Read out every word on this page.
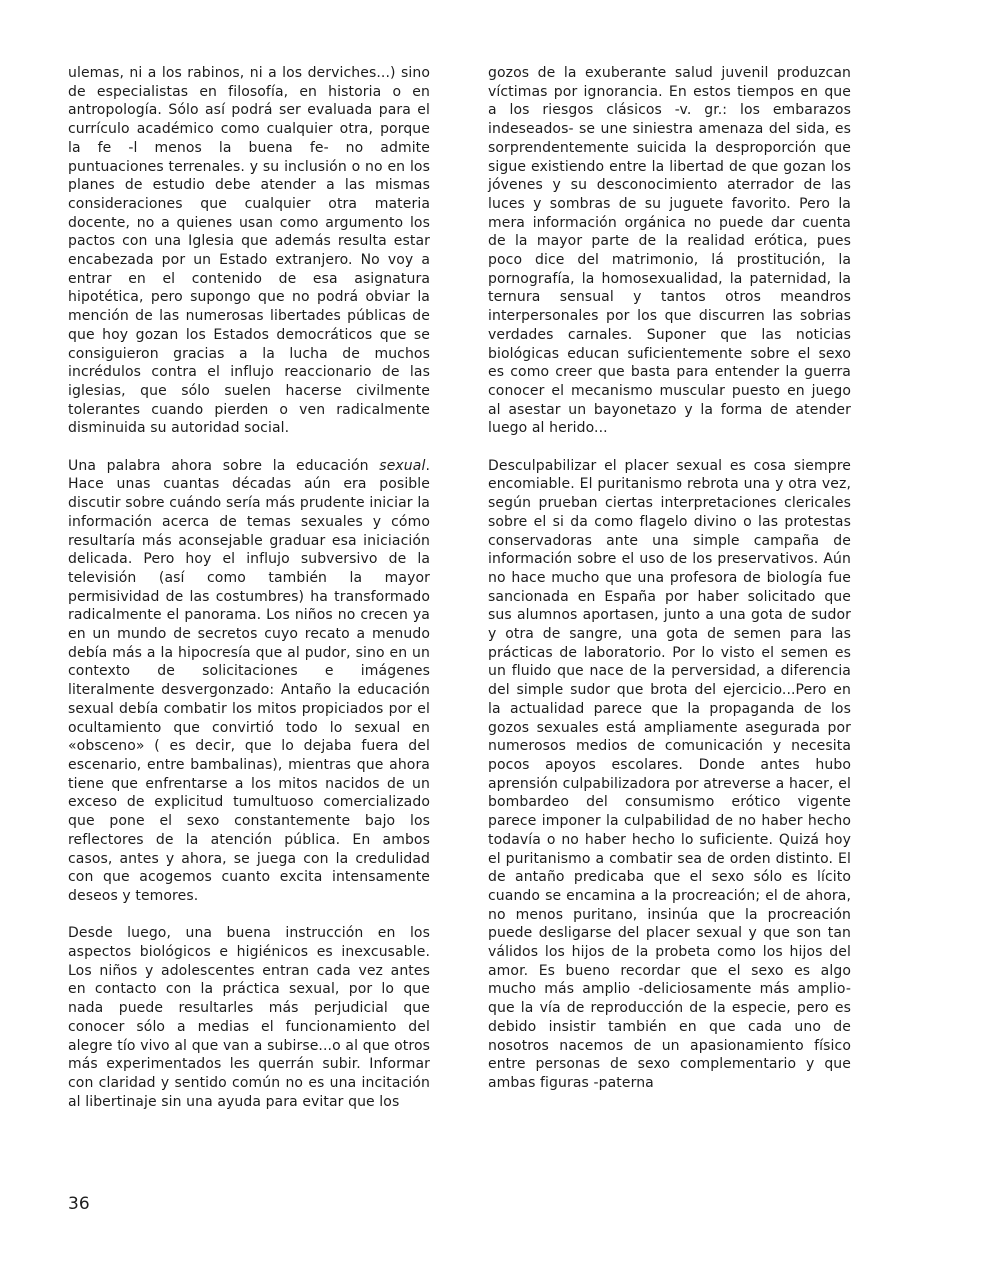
ulemas, ni a los rabinos, ni a los derviches...) sino de especialistas en filosofía, en historia o en antropología. Sólo así podrá ser evaluada para el currículo académico como cualquier otra, porque la fe -l menos la buena fe- no admite puntuaciones terrenales. y su inclusión o no en los planes de estudio debe atender a las mismas consideraciones que cualquier otra materia docente, no a quienes usan como argumento los pactos con una Iglesia que además resulta estar encabezada por un Estado extranjero. No voy a entrar en el contenido de esa asignatura hipotética, pero supongo que no podrá obviar la mención de las numerosas libertades públicas de que hoy gozan los Estados democráticos que se consiguieron gracias a la lucha de muchos incrédulos contra el influjo reaccionario de las iglesias, que sólo suelen hacerse civilmente tolerantes cuando pierden o ven radicalmente disminuida su autoridad social.

Una palabra ahora sobre la educación sexual. Hace unas cuantas décadas aún era posible discutir sobre cuándo sería más prudente iniciar la información acerca de temas sexuales y cómo resultaría más aconsejable graduar esa iniciación delicada. Pero hoy el influjo subversivo de la televisión (así como también la mayor permisividad de las costumbres) ha transformado radicalmente el panorama. Los niños no crecen ya en un mundo de secretos cuyo recato a menudo debía más a la hipocresía que al pudor, sino en un contexto de solicitaciones e imágenes literalmente desvergonzado: Antaño la educación sexual debía combatir los mitos propiciados por el ocultamiento que convirtió todo lo sexual en «obsceno» ( es decir, que lo dejaba fuera del escenario, entre bambalinas), mientras que ahora tiene que enfrentarse a los mitos nacidos de un exceso de explicitud tumultuoso comercializado que pone el sexo constantemente bajo los reflectores de la atención pública. En ambos casos, antes y ahora, se juega con la credulidad con que acogemos cuanto excita intensamente deseos y temores.

Desde luego, una buena instrucción en los aspectos biológicos e higiénicos es inexcusable. Los niños y adolescentes entran cada vez antes en contacto con la práctica sexual, por lo que nada puede resultarles más perjudicial que conocer sólo a medias el funcionamiento del alegre tío vivo al que van a subirse...o al que otros más experimentados les querrán subir. Informar con claridad y sentido común no es una incitación al libertinaje sin una ayuda para evitar que los

gozos de la exuberante salud juvenil produzcan víctimas por ignorancia. En estos tiempos en que a los riesgos clásicos -v. gr.: los embarazos indeseados- se une siniestra amenaza del sida, es sorprendentemente suicida la desproporción que sigue existiendo entre la libertad de que gozan los jóvenes y su desconocimiento aterrador de las luces y sombras de su juguete favorito. Pero la mera información orgánica no puede dar cuenta de la mayor parte de la realidad erótica, pues poco dice del matrimonio, lá prostitución, la pornografía, la homosexualidad, la paternidad, la ternura sensual y tantos otros meandros interpersonales por los que discurren las sobrias verdades carnales. Suponer que las noticias biológicas educan suficientemente sobre el sexo es como creer que basta para entender la guerra conocer el mecanismo muscular puesto en juego al asestar un bayonetazo y la forma de atender luego al herido...

Desculpabilizar el placer sexual es cosa siempre encomiable. El puritanismo rebrota una y otra vez, según prueban ciertas interpretaciones clericales sobre el si da como flagelo divino o las protestas conservadoras ante una simple campaña de información sobre el uso de los preservativos. Aún no hace mucho que una profesora de biología fue sancionada en España por haber solicitado que sus alumnos aportasen, junto a una gota de sudor y otra de sangre, una gota de semen para las prácticas de laboratorio. Por lo visto el semen es un fluido que nace de la perversidad, a diferencia del simple sudor que brota del ejercicio...Pero en la actualidad parece que la propaganda de los gozos sexuales está ampliamente asegurada por numerosos medios de comunicación y necesita pocos apoyos escolares. Donde antes hubo aprensión culpabilizadora por atreverse a hacer, el bombardeo del consumismo erótico vigente parece imponer la culpabilidad de no haber hecho todavía o no haber hecho lo suficiente. Quizá hoy el puritanismo a combatir sea de orden distinto. El de antaño predicaba que el sexo sólo es lícito cuando se encamina a la procreación; el de ahora, no menos puritano, insinúa que la procreación puede desligarse del placer sexual y que son tan válidos los hijos de la probeta como los hijos del amor. Es bueno recordar que el sexo es algo mucho más amplio -deliciosamente más amplio- que la vía de reproducción de la especie, pero es debido insistir también en que cada uno de nosotros nacemos de un apasionamiento físico entre personas de sexo complementario y que ambas figuras -paterna

36
